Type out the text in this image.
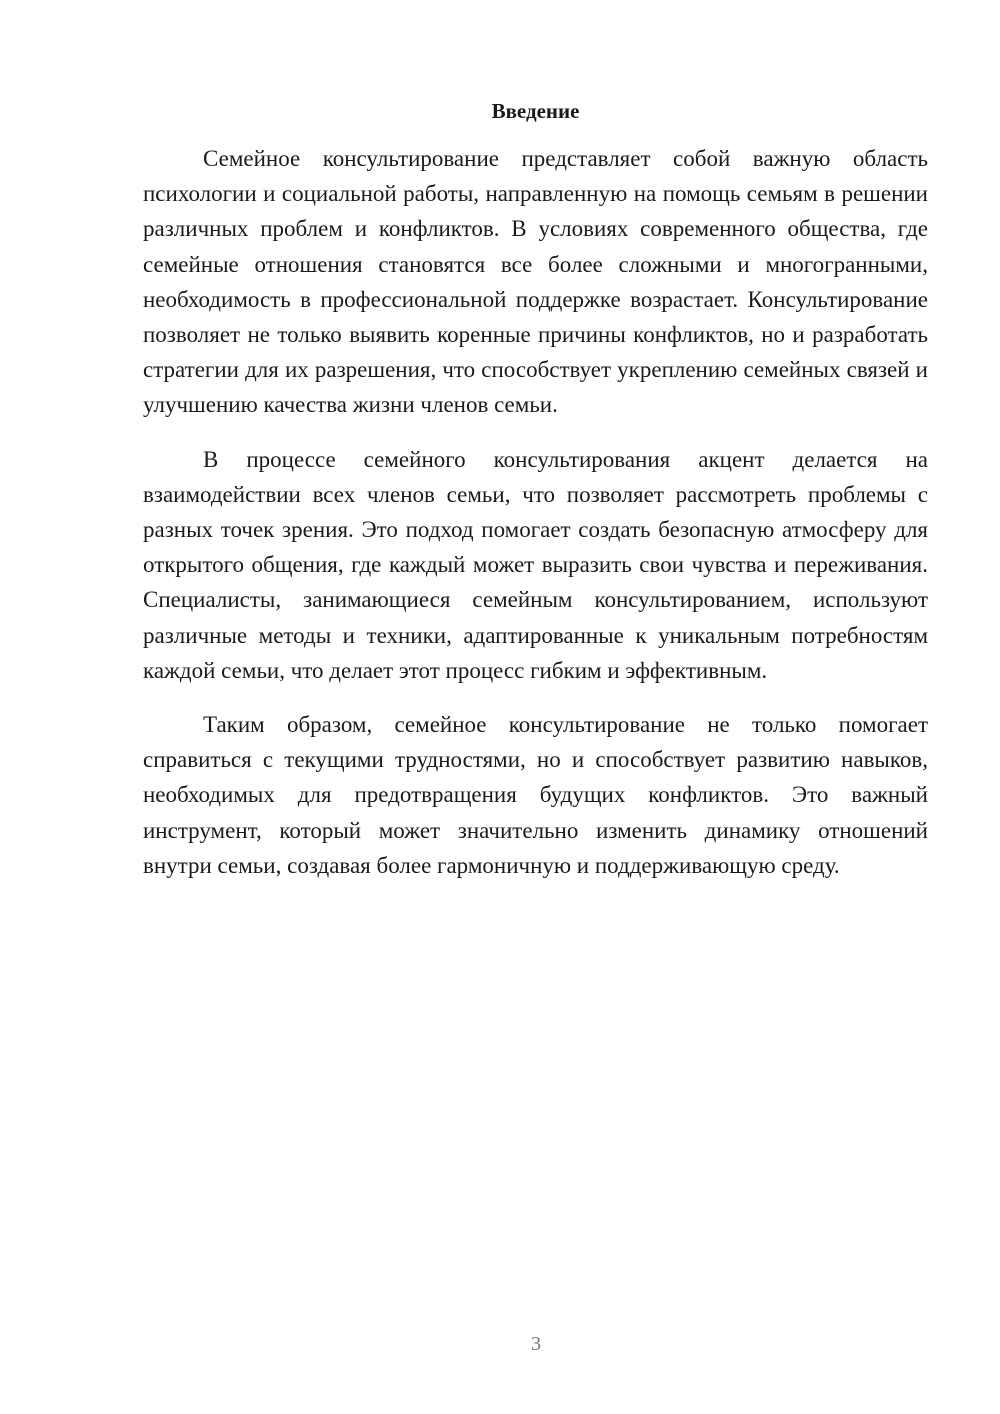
Введение

Семейное консультирование представляет собой важную область психологии и социальной работы, направленную на помощь семьям в решении различных проблем и конфликтов. В условиях современного общества, где семейные отношения становятся все более сложными и многогранными, необходимость в профессиональной поддержке возрастает. Консультирование позволяет не только выявить коренные причины конфликтов, но и разработать стратегии для их разрешения, что способствует укреплению семейных связей и улучшению качества жизни членов семьи.

В процессе семейного консультирования акцент делается на взаимодействии всех членов семьи, что позволяет рассмотреть проблемы с разных точек зрения. Это подход помогает создать безопасную атмосферу для открытого общения, где каждый может выразить свои чувства и переживания. Специалисты, занимающиеся семейным консультированием, используют различные методы и техники, адаптированные к уникальным потребностям каждой семьи, что делает этот процесс гибким и эффективным.

Таким образом, семейное консультирование не только помогает справиться с текущими трудностями, но и способствует развитию навыков, необходимых для предотвращения будущих конфликтов. Это важный инструмент, который может значительно изменить динамику отношений внутри семьи, создавая более гармоничную и поддерживающую среду.

3
